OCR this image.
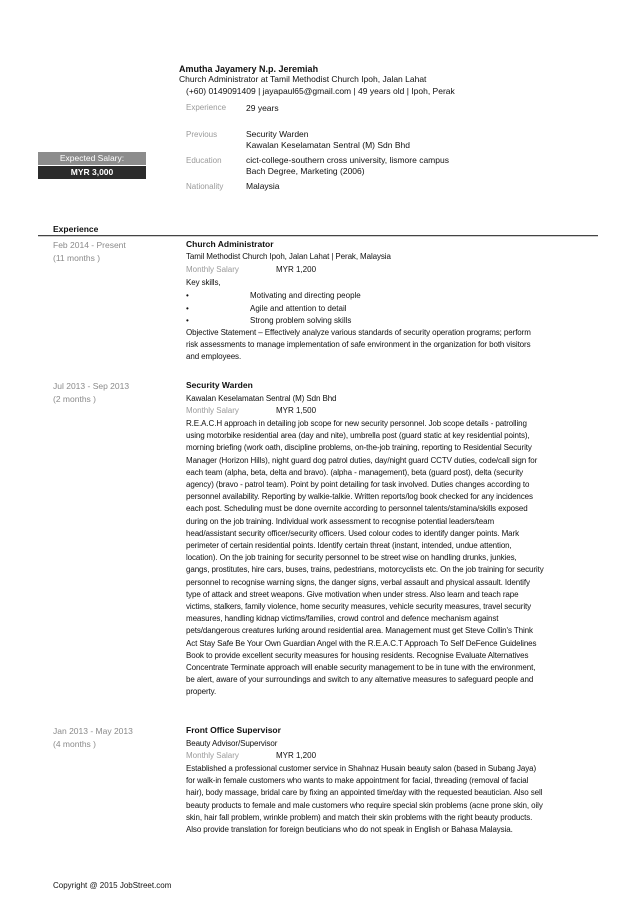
Amutha Jayamery N.p. Jeremiah
Church Administrator at Tamil Methodist Church Ipoh, Jalan Lahat
(+60) 0149091409 | jayapaul65@gmail.com | 49 years old | Ipoh, Perak
Experience	29 years
Previous	Security Warden
Kawalan Keselamatan Sentral (M) Sdn Bhd
Education	cict-college-southern cross university, lismore campus
Bach Degree, Marketing (2006)
Nationality	Malaysia
Expected Salary:
MYR 3,000
Experience
Feb 2014 - Present
(11 months )
Church Administrator
Tamil Methodist Church Ipoh, Jalan Lahat | Perak, Malaysia
Monthly Salary	MYR 1,200
Key skills,
•	Motivating and directing people
•	Agile and attention to detail
•	Strong problem solving skills
Objective Statement – Effectively analyze various standards of security operation programs; perform
risk assessments to manage implementation of safe environment in the organization for both visitors
and employees.
Jul 2013 - Sep 2013
(2 months )
Security Warden
Kawalan Keselamatan Sentral (M) Sdn Bhd
Monthly Salary	MYR 1,500
R.E.A.C.H approach in detailing job scope for new security personnel. Job scope details - patrolling
using motorbike residential area (day and nite), umbrella post (guard static at key residential points),
morning briefing (work oath, discipline problems, on-the-job training, reporting to Residential Security
Manager (Horizon Hills), night guard dog patrol duties, day/night guard CCTV duties, code/call sign for
each team (alpha, beta, delta and bravo). (alpha - management), beta (guard post), delta (security
agency) (bravo - patrol team). Point by point detailing for task involved. Duties changes according to
personnel availability. Reporting by walkie-talkie. Written reports/log book checked for any incidences
each post. Scheduling must be done overnite according to personnel talents/stamina/skills exposed
during on the job training. Individual work assessment to recognise potential leaders/team
head/assistant security officer/security officers. Used colour codes to identify danger points. Mark
perimeter of certain residential points. Identify certain threat (instant, intended, undue attention,
location). On the job training for security personnel to be street wise on handling drunks, junkies,
gangs, prostitutes, hire cars, buses, trains, pedestrians, motorcyclists etc. On the job training for security
personnel to recognise warning signs, the danger signs, verbal assault and physical assault. Identify
type of attack and street weapons. Give motivation when under stress. Also learn and teach rape
victims, stalkers, family violence, home security measures, vehicle security measures, travel security
measures, handling kidnap victims/families, crowd control and defence mechanism against
pets/dangerous creatures lurking around residential area. Management must get Steve Collin's Think
Act Stay Safe Be Your Own Guardian Angel with the R.E.A.C.T Approach To Self DeFence Guidelines
Book to provide excellent security measures for housing residents. Recognise Evaluate Alternatives
Concentrate Terminate approach will enable security management to be in tune with the environment,
be alert, aware of your surroundings and switch to any alternative measures to safeguard people and
property.
Jan 2013 - May 2013
(4 months )
Front Office Supervisor
Beauty Advisor/Supervisor
Monthly Salary	MYR 1,200
Established a professional customer service in Shahnaz Husain beauty salon (based in Subang Jaya)
for walk-in female customers who wants to make appointment for facial, threading (removal of facial
hair), body massage, bridal care by fixing an appointed time/day with the requested beautician. Also sell
beauty products to female and male customers who require special skin problems (acne prone skin, oily
skin, hair fall problem, wrinkle problem) and match their skin problems with the right beauty products.
Also provide translation for foreign beuticians who do not speak in English or Bahasa Malaysia.
Copyright @ 2015 JobStreet.com
